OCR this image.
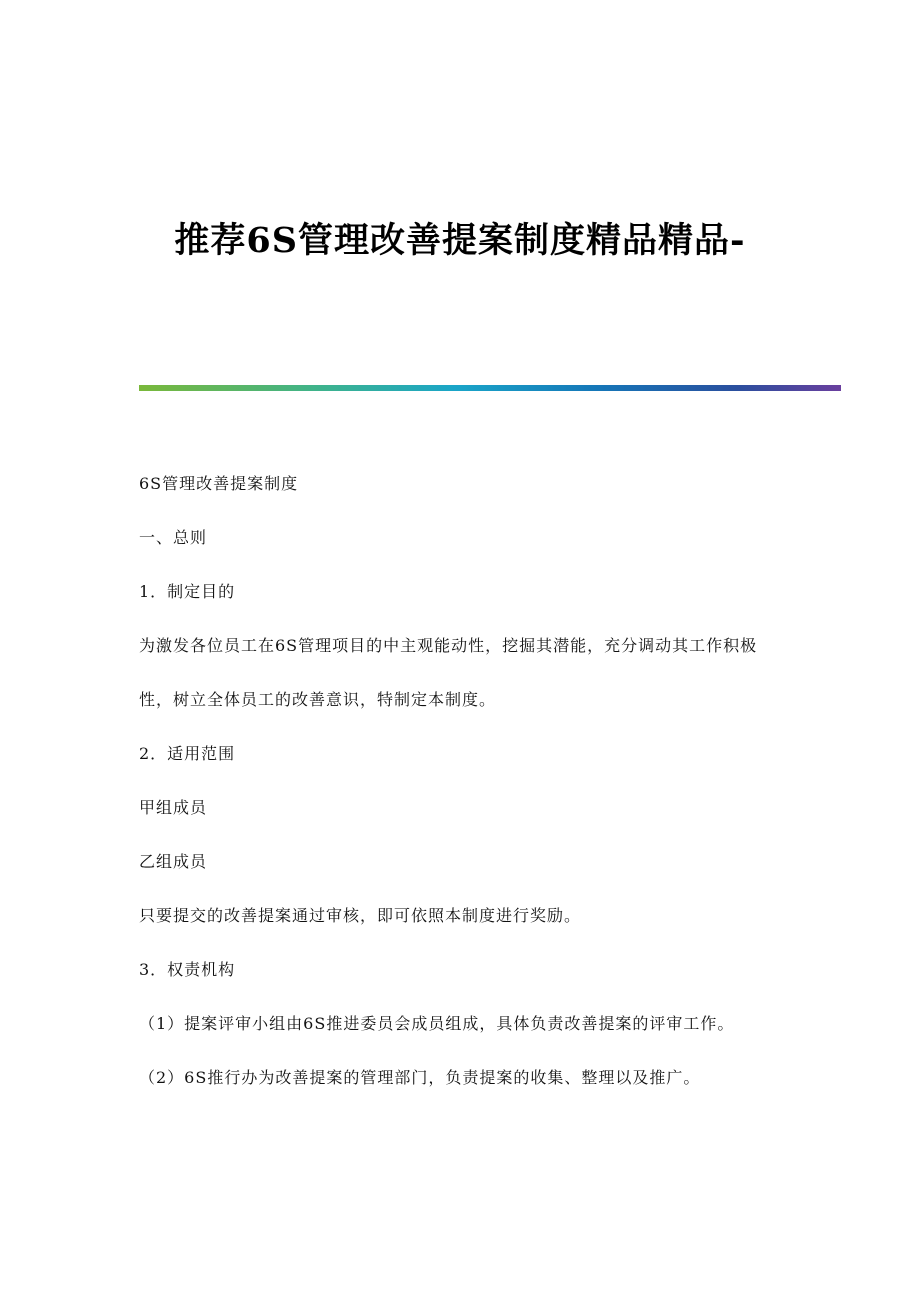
推荐6S管理改善提案制度精品精品-

6S管理改善提案制度

一、总则

1．制定目的

为激发各位员工在6S管理项目的中主观能动性，挖掘其潜能，充分调动其工作积极性，树立全体员工的改善意识，特制定本制度。

2．适用范围

甲组成员

乙组成员

只要提交的改善提案通过审核，即可依照本制度进行奖励。

3．权责机构

（1）提案评审小组由6S推进委员会成员组成，具体负责改善提案的评审工作。

（2）6S推行办为改善提案的管理部门，负责提案的收集、整理以及推广。
